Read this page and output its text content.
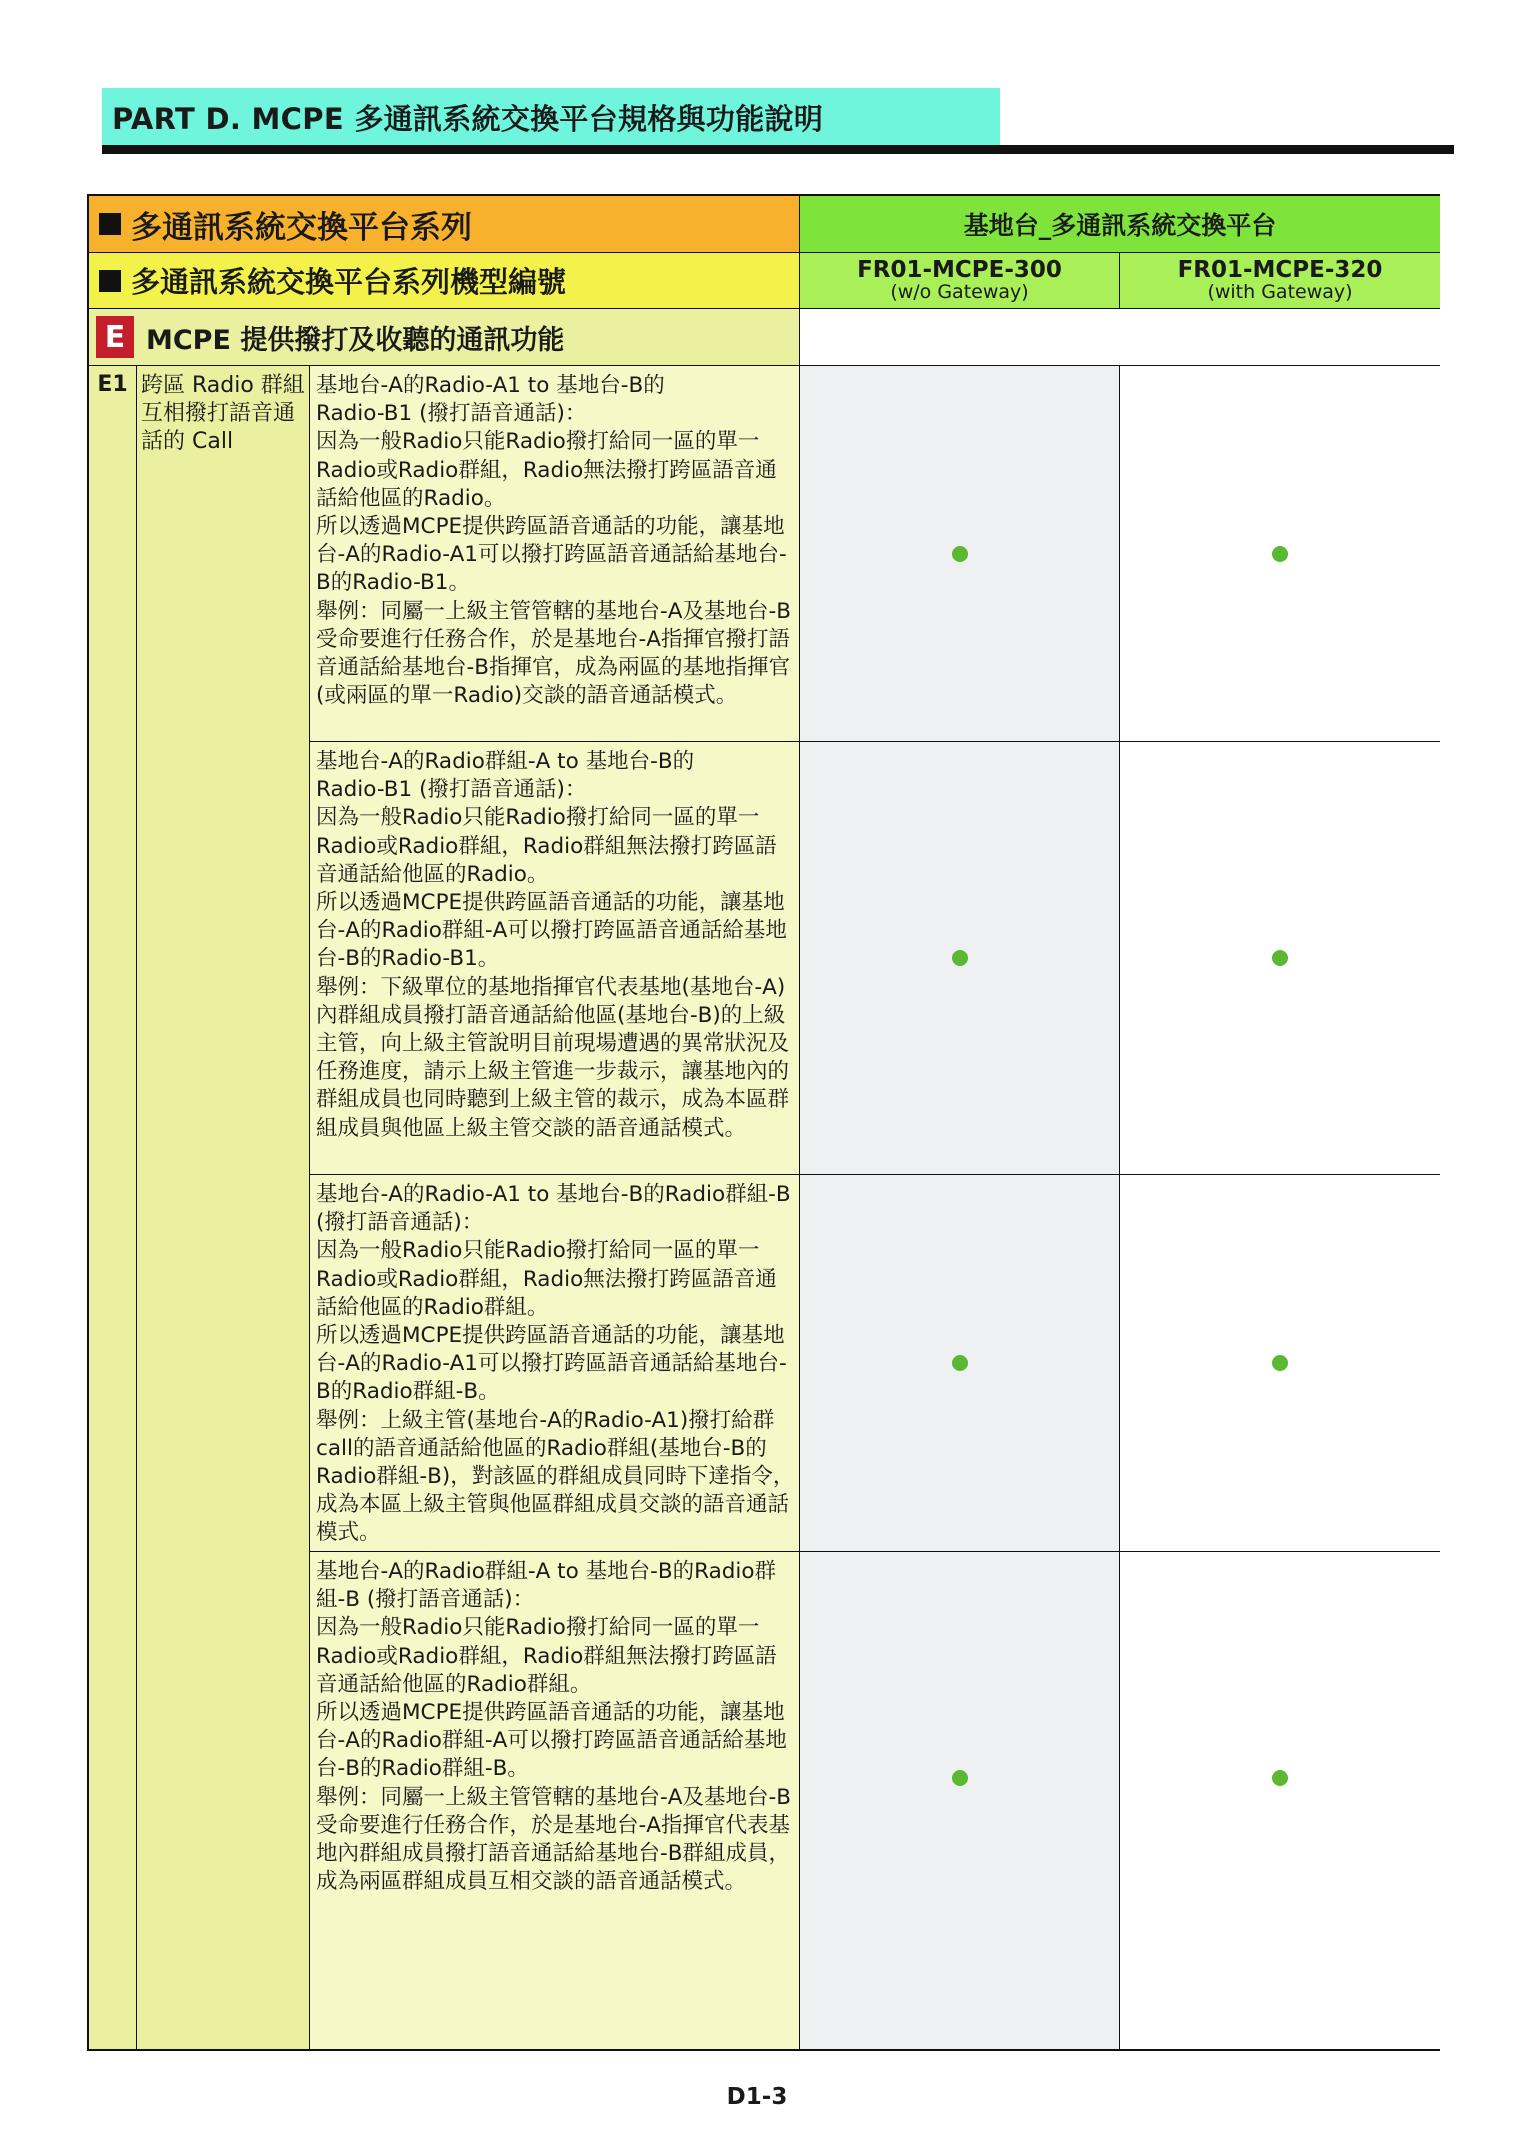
PART D. MCPE 多通訊系統交換平台規格與功能說明
多通訊系統交換平台系列	基地台_多通訊系統交換平台
多通訊系統交換平台系列機型編號	FR01-MCPE-300
(w/o Gateway)
FR01-MCPE-320
(with Gateway)
E MCPE 提供撥打及收聽的通訊功能
E1 跨區 Radio 群組互相撥打語音通話的 Call
基地台-A的Radio-A1 to 基地台-B的
Radio-B1 (撥打語音通話)：
因為一般Radio只能Radio撥打給同一區的單一Radio或Radio群組，Radio無法撥打跨區語音通話給他區的Radio。
所以透過MCPE提供跨區語音通話的功能，讓基地台-A的Radio-A1可以撥打跨區語音通話給基地台-B的Radio-B1。
舉例：同屬一上級主管管轄的基地台-A及基地台-B受命要進行任務合作，於是基地台-A指揮官撥打語音通話給基地台-B指揮官，成為兩區的基地指揮官(或兩區的單一Radio)交談的語音通話模式。
基地台-A的Radio群組-A to 基地台-B的
Radio-B1 (撥打語音通話)：
因為一般Radio只能Radio撥打給同一區的單一Radio或Radio群組，Radio群組無法撥打跨區語音通話給他區的Radio。
所以透過MCPE提供跨區語音通話的功能，讓基地台-A的Radio群組-A可以撥打跨區語音通話給基地台-B的Radio-B1。
舉例：下級單位的基地指揮官代表基地(基地台-A)內群組成員撥打語音通話給他區(基地台-B)的上級主管，向上級主管說明目前現場遭遇的異常狀況及任務進度，請示上級主管進一步裁示，讓基地內的群組成員也同時聽到上級主管的裁示，成為本區群組成員與他區上級主管交談的語音通話模式。
基地台-A的Radio-A1 to 基地台-B的Radio群組-B (撥打語音通話)：
因為一般Radio只能Radio撥打給同一區的單一Radio或Radio群組，Radio無法撥打跨區語音通話給他區的Radio群組。
所以透過MCPE提供跨區語音通話的功能，讓基地台-A的Radio-A1可以撥打跨區語音通話給基地台-B的Radio群組-B。
舉例：上級主管(基地台-A的Radio-A1)撥打給群call的語音通話給他區的Radio群組(基地台-B的Radio群組-B)，對該區的群組成員同時下達指令，成為本區上級主管與他區群組成員交談的語音通話模式。
基地台-A的Radio群組-A to 基地台-B的Radio群組-B (撥打語音通話)：
因為一般Radio只能Radio撥打給同一區的單一Radio或Radio群組，Radio群組無法撥打跨區語音通話給他區的Radio群組。
所以透過MCPE提供跨區語音通話的功能，讓基地台-A的Radio群組-A可以撥打跨區語音通話給基地台-B的Radio群組-B。
舉例：同屬一上級主管管轄的基地台-A及基地台-B受命要進行任務合作，於是基地台-A指揮官代表基地內群組成員撥打語音通話給基地台-B群組成員，成為兩區群組成員互相交談的語音通話模式。
D1-3
